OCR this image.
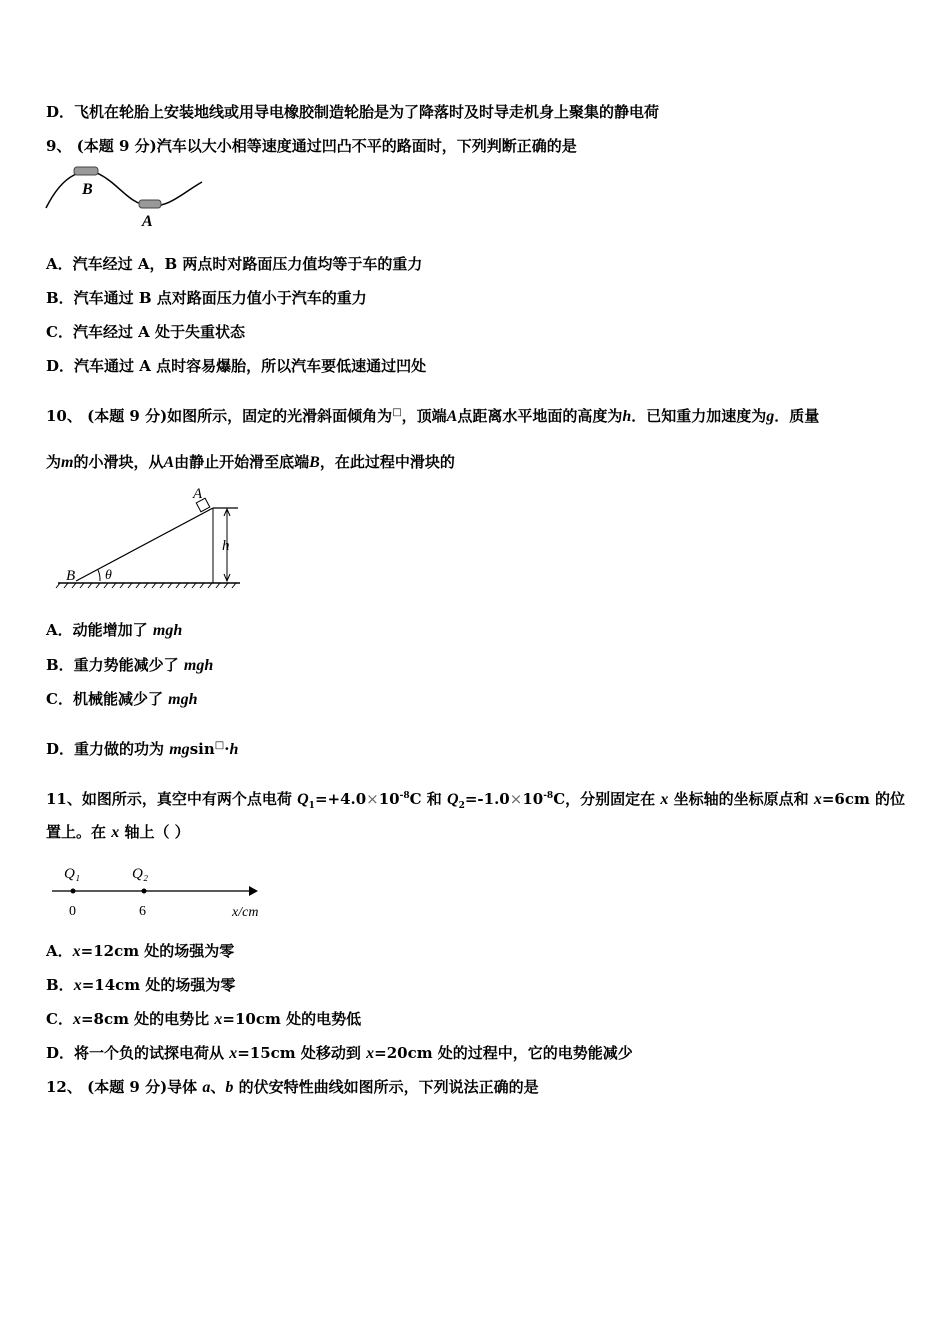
D．飞机在轮胎上安装地线或用导电橡胶制造轮胎是为了降落时及时导走机身上聚集的静电荷
9、 (本题 9 分)汽车以大小相等速度通过凹凸不平的路面时，下列判断正确的是
B
A
A．汽车经过 A，B 两点时对路面压力值均等于车的重力
B．汽车通过 B 点对路面压力值小于汽车的重力
C．汽车经过 A 处于失重状态
D．汽车通过 A 点时容易爆胎，所以汽车要低速通过凹处
10、 (本题 9 分)如图所示，固定的光滑斜面倾角为□，顶端A点距离水平地面的高度为h．已知重力加速度为g．质量
为m的小滑块，从A由静止开始滑至底端B，在此过程中滑块的
A
B
h
θ
A．动能增加了 mgh
B．重力势能减少了 mgh
C．机械能减少了 mgh
D．重力做的功为 mgsin□·h
11、如图所示，真空中有两个点电荷 $Q_1=+4.0\times 10^{-8}C$ 和 $Q_2=-1.0\times 10^{-8}C$，分别固定在 x 坐标轴的坐标原点和 x=6cm 的位
置上。在 x 轴上（ ）
Q₁	Q₂
0	6	x/cm
A．x=12cm 处的场强为零
B．x=14cm 处的场强为零
C．x=8cm 处的电势比 x=10cm 处的电势低
D．将一个负的试探电荷从 x=15cm 处移动到 x=20cm 处的过程中，它的电势能减少
12、 (本题 9 分)导体 a、b 的伏安特性曲线如图所示，下列说法正确的是
